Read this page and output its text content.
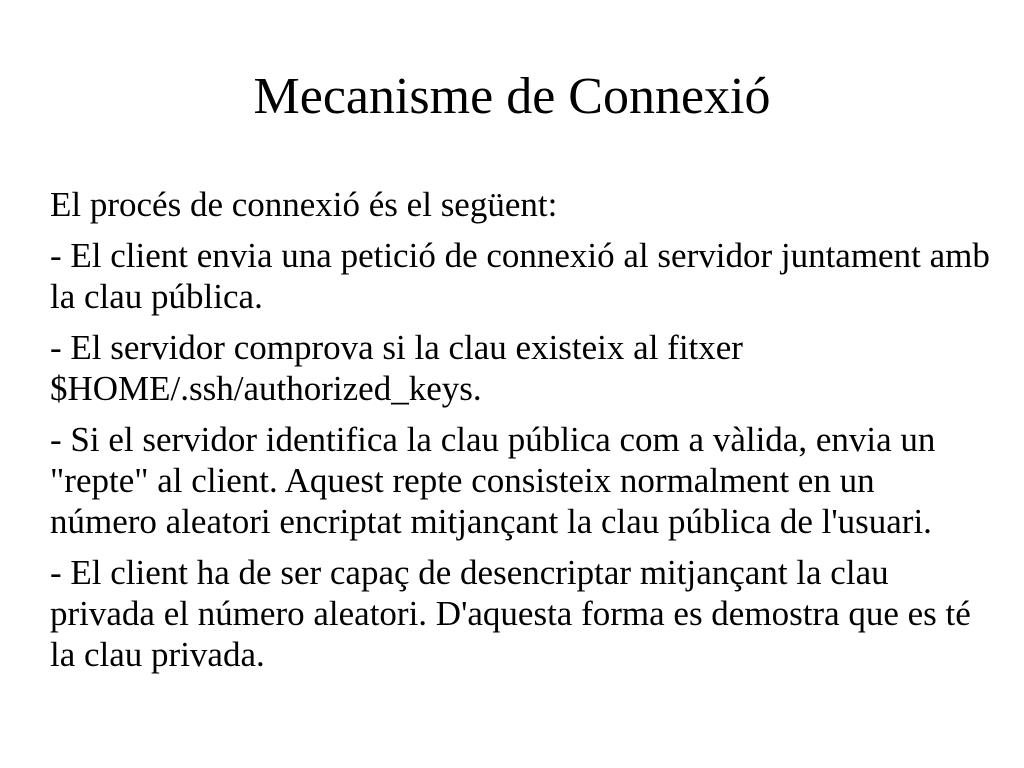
Mecanisme de Connexió

El procés de connexió és el següent:

- El client envia una petició de connexió al servidor juntament amb la clau pública.

- El servidor comprova si la clau existeix al fitxer $HOME/.ssh/authorized_keys.

- Si el servidor identifica la clau pública com a vàlida, envia un "repte" al client. Aquest repte consisteix normalment en un número aleatori encriptat mitjançant la clau pública de l'usuari.

- El client ha de ser capaç de desencriptar mitjançant la clau privada el número aleatori. D'aquesta forma es demostra que es té la clau privada.
